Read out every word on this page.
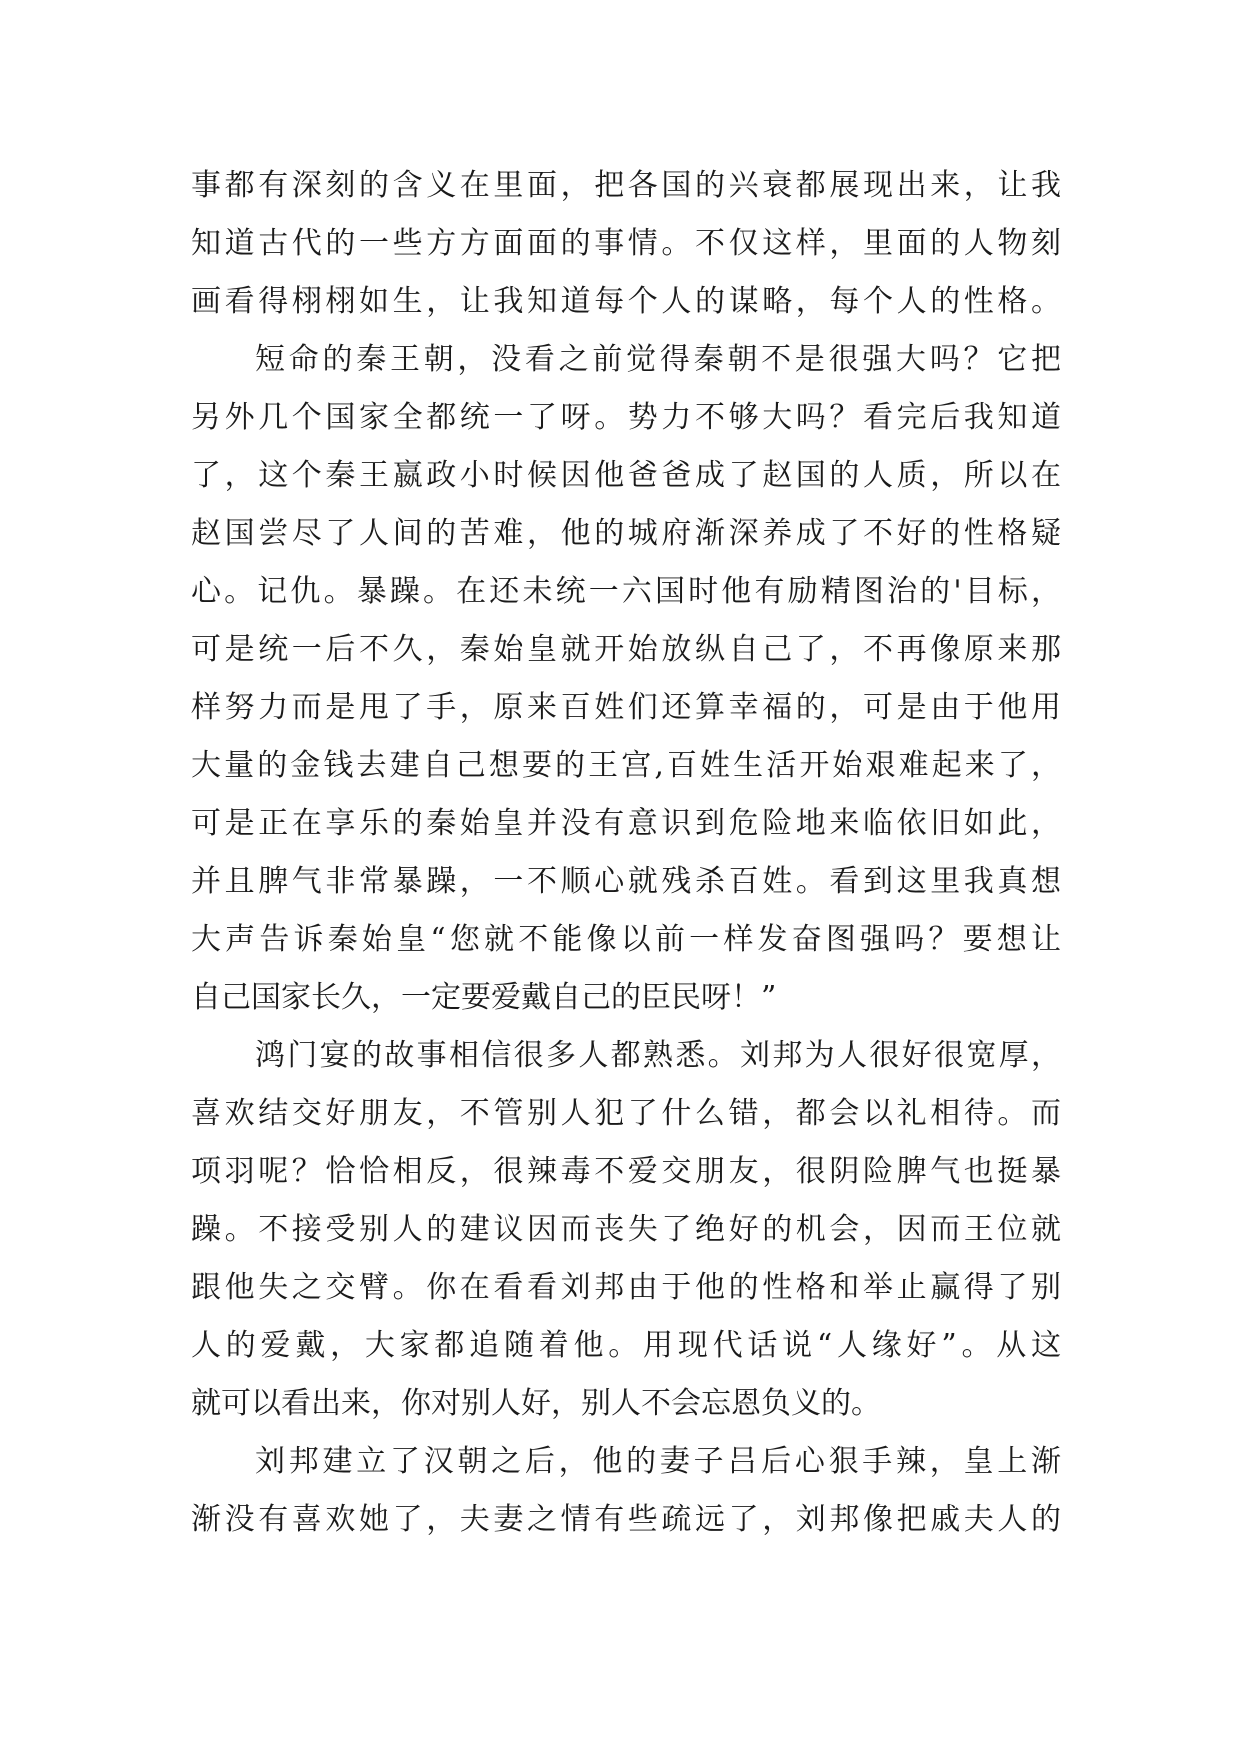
事都有深刻的含义在里面，把各国的兴衰都展现出来，让我
知道古代的一些方方面面的事情。不仅这样，里面的人物刻
画看得栩栩如生，让我知道每个人的谋略，每个人的性格。
短命的秦王朝，没看之前觉得秦朝不是很强大吗？它把
另外几个国家全都统一了呀。势力不够大吗？看完后我知道
了，这个秦王嬴政小时候因他爸爸成了赵国的人质，所以在
赵国尝尽了人间的苦难，他的城府渐深养成了不好的性格疑
心。记仇。暴躁。在还未统一六国时他有励精图治的'目标，
可是统一后不久，秦始皇就开始放纵自己了，不再像原来那
样努力而是甩了手，原来百姓们还算幸福的，可是由于他用
大量的金钱去建自己想要的王宫,百姓生活开始艰难起来了，
可是正在享乐的秦始皇并没有意识到危险地来临依旧如此，
并且脾气非常暴躁，一不顺心就残杀百姓。看到这里我真想
大声告诉秦始皇“您就不能像以前一样发奋图强吗？要想让
自己国家长久，一定要爱戴自己的臣民呀！”
鸿门宴的故事相信很多人都熟悉。刘邦为人很好很宽厚，
喜欢结交好朋友，不管别人犯了什么错，都会以礼相待。而
项羽呢？恰恰相反，很辣毒不爱交朋友，很阴险脾气也挺暴
躁。不接受别人的建议因而丧失了绝好的机会，因而王位就
跟他失之交臂。你在看看刘邦由于他的性格和举止赢得了别
人的爱戴，大家都追随着他。用现代话说“人缘好”。从这
就可以看出来，你对别人好，别人不会忘恩负义的。
刘邦建立了汉朝之后，他的妻子吕后心狠手辣，皇上渐
渐没有喜欢她了，夫妻之情有些疏远了，刘邦像把戚夫人的
